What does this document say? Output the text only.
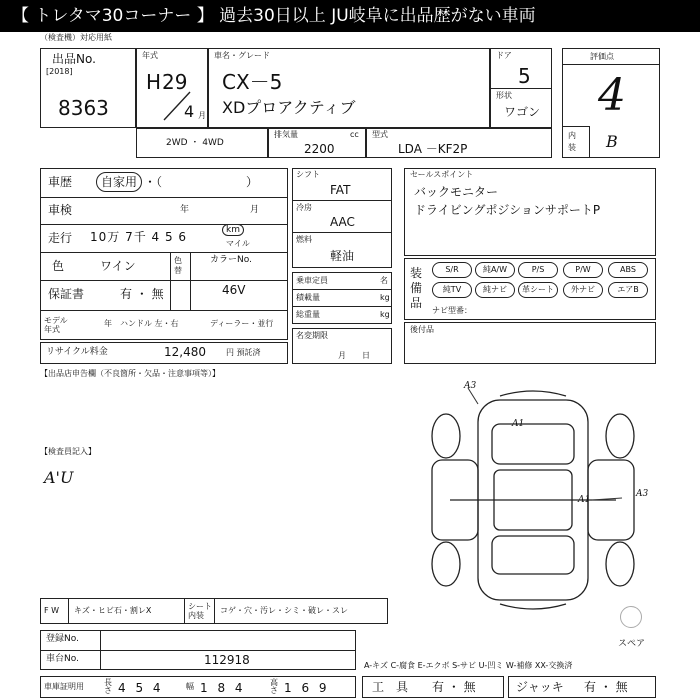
【 トレタマ30コーナー 】 過去30日以上 JU岐阜に出品歴がない車両
（検査機）対応用紙
出品No.
[2018]
8363
年式
H 29
4 月
車名・グレード
CX－5
XDプロアクティブ
ドア
5
形状
ワゴン
評価点
4
内装 B
2WD ・ 4WD
排気量	cc
2200
型式
LDA －KF2P
車歴	自家用 ・（　　　　　　　）
車検	年	月
走行 10万 7千 4 5 6	km
マイル
色	ワイン	色替
カラーNo.
46V
保証書	有 ・ 無
モデル年式
年 ハンドル 左・右	ディーラー・並行
リサイクル料金	12,480	円 預託済
シフト
FAT
冷房
AAC
燃料
軽油
乗車定員	名
積載量	kg
総重量	kg
名変期限
月　　日
セールスポイント
バックモニター
ドライビングポジションサポートP
装備品
S/R	純A/W	P/S	P/W	ABS
純TV	純ナビ	革シート	外ナビ	エアB
ナビ型番：
後付品
【出品店申告欄（不良箇所・欠品・注意事項等）】
【検査員記入】
A'U
A3
A1
A1
A3
F W キズ・ヒビ石・割レX	シート内装
コゲ・穴・汚レ・シミ・破レ・スレ
登録No.
車台No.	112918
スペア
A-キズ C-腐食 E-エクボ S-サビ U-凹ミ W-補修 XX-交換済
車庫証明用	長さ 4 5 4	幅 1 8 4	高さ 1 6 9	工　具 有 ・ 無	ジャッキ 有 ・ 無
